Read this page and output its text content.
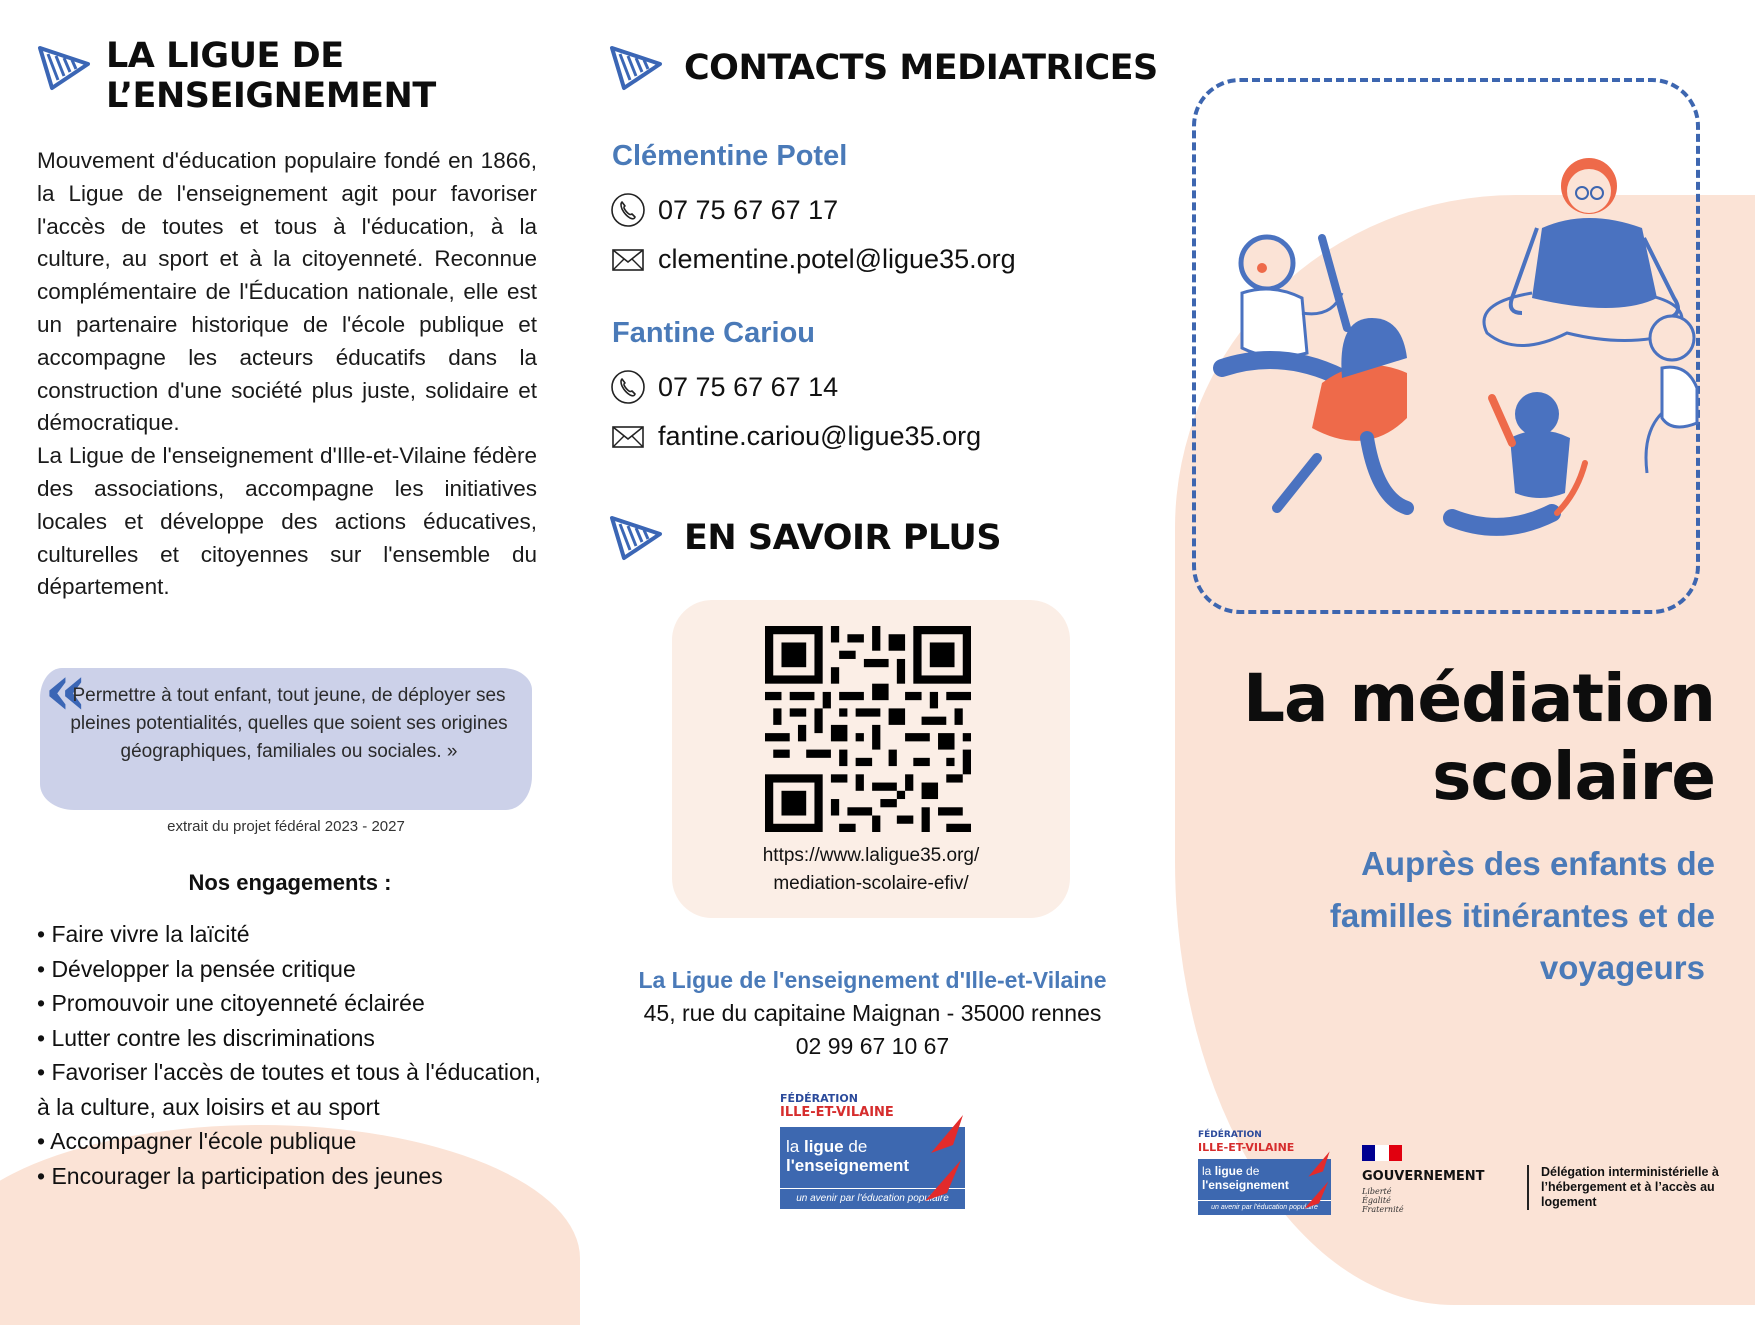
LA LIGUE DE
L’ENSEIGNEMENT

Mouvement d'éducation populaire fondé en 1866, la Ligue de l'enseignement agit pour favoriser l'accès de toutes et tous à l'éducation, à la culture, au sport et à la citoyenneté. Reconnue complémentaire de l'Éducation nationale, elle est un partenaire historique de l'école publique et accompagne les acteurs éducatifs dans la construction d'une société plus juste, solidaire et démocratique.

La Ligue de l'enseignement d'Ille-et-Vilaine fédère des associations, accompagne les initiatives locales et développe des actions éducatives, culturelles et citoyennes sur l'ensemble du département.

«
Permettre à tout enfant, tout jeune, de déployer ses pleines potentialités, quelles que soient ses origines géographiques, familiales ou sociales. »
extrait du projet fédéral 2023 - 2027
Nos engagements :
• Faire vivre la laïcité
• Développer la pensée critique
• Promouvoir une citoyenneté éclairée
• Lutter contre les discriminations
• Favoriser l'accès de toutes et tous à l'éducation, à la culture, aux loisirs et au sport
• Accompagner l'école publique
• Encourager la participation des jeunes
CONTACTS MEDIATRICES
Clémentine Potel
07 75 67 67 17
clementine.potel@ligue35.org
Fantine Cariou
07 75 67 67 14
fantine.cariou@ligue35.org
EN SAVOIR PLUS
https://www.laligue35.org/
mediation-scolaire-efiv/
La Ligue de l'enseignement d'Ille-et-Vilaine
45, rue du capitaine Maignan - 35000 rennes
02 99 67 10 67
FÉDÉRATION
ILLE-ET-VILAINE
la ligue de
l'enseignement
un avenir par l'éducation populaire
La médiation
scolaire
Auprès des enfants de
familles itinérantes et de
voyageurs
FÉDÉRATION
ILLE-ET-VILAINE
la ligue de
l'enseignement
un avenir par l'éducation populaire
GOUVERNEMENT
Liberté
Égalité
Fraternité
Délégation interministérielle à l’hébergement et à l’accès au logement
